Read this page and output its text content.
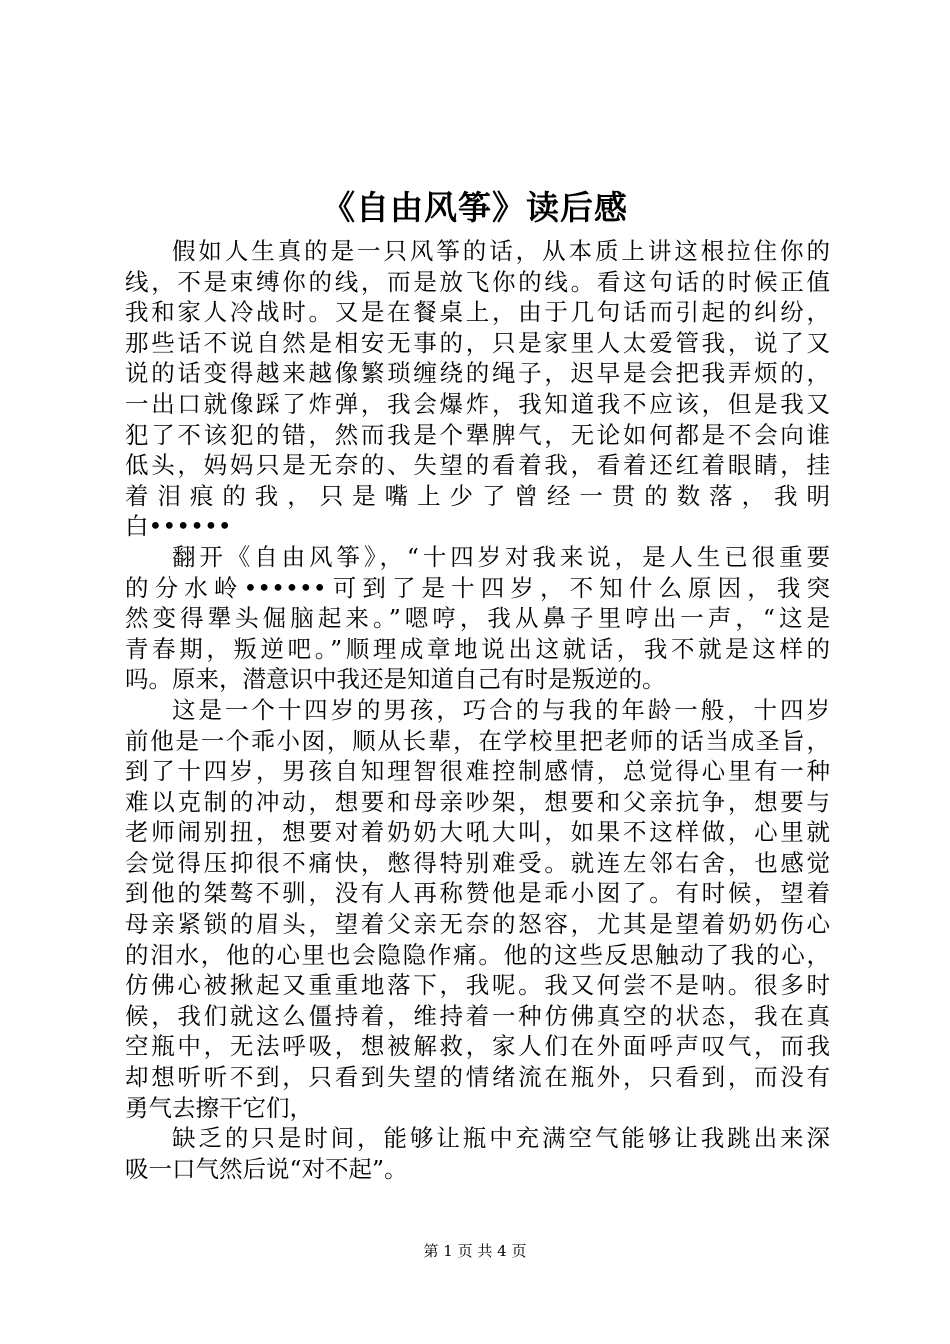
《自由风筝》读后感
假如人生真的是一只风筝的话，从本质上讲这根拉住你的
线，不是束缚你的线，而是放飞你的线。看这句话的时候正值
我和家人冷战时。又是在餐桌上，由于几句话而引起的纠纷，
那些话不说自然是相安无事的，只是家里人太爱管我，说了又
说的话变得越来越像繁琐缠绕的绳子，迟早是会把我弄烦的，
一出口就像踩了炸弹，我会爆炸，我知道我不应该，但是我又
犯了不该犯的错，然而我是个犟脾气，无论如何都是不会向谁
低头，妈妈只是无奈的、失望的看着我，看着还红着眼睛，挂
着泪痕的我，只是嘴上少了曾经一贯的数落，我明
白••••••
翻开《自由风筝》，“十四岁对我来说，是人生已很重要
的分水岭••••••可到了是十四岁，不知什么原因，我突
然变得犟头倔脑起来。”嗯哼，我从鼻子里哼出一声，“这是
青春期，叛逆吧。”顺理成章地说出这就话，我不就是这样的
吗。原来，潜意识中我还是知道自己有时是叛逆的。
这是一个十四岁的男孩，巧合的与我的年龄一般，十四岁
前他是一个乖小囡，顺从长辈，在学校里把老师的话当成圣旨，
到了十四岁，男孩自知理智很难控制感情，总觉得心里有一种
难以克制的冲动，想要和母亲吵架，想要和父亲抗争，想要与
老师闹别扭，想要对着奶奶大吼大叫，如果不这样做，心里就
会觉得压抑很不痛快，憋得特别难受。就连左邻右舍，也感觉
到他的桀骜不驯，没有人再称赞他是乖小囡了。有时候，望着
母亲紧锁的眉头，望着父亲无奈的怒容，尤其是望着奶奶伤心
的泪水，他的心里也会隐隐作痛。他的这些反思触动了我的心，
仿佛心被揪起又重重地落下，我呢。我又何尝不是呐。很多时
候，我们就这么僵持着，维持着一种仿佛真空的状态，我在真
空瓶中，无法呼吸，想被解救，家人们在外面呼声叹气，而我
却想听听不到，只看到失望的情绪流在瓶外，只看到，而没有
勇气去擦干它们，
缺乏的只是时间，能够让瓶中充满空气能够让我跳出来深
吸一口气然后说“对不起”。
第 1 页 共 4 页
